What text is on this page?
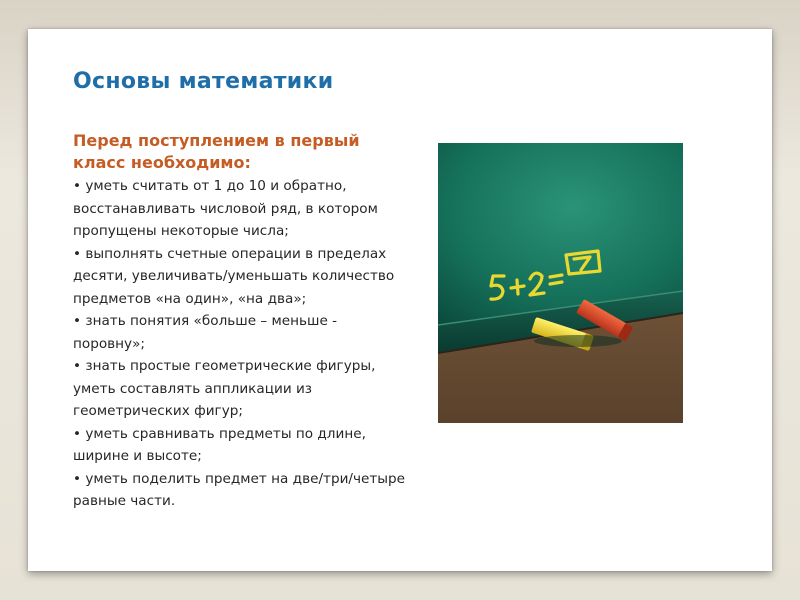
Основы математики

Перед поступлением в первый класс необходимо:

• уметь считать от 1 до 10 и обратно, восстанавливать числовой ряд, в котором пропущены некоторые числа;
• выполнять счетные операции в пределах десяти, увеличивать/уменьшать количество предметов «на один», «на два»;
• знать понятия «больше – меньше - поровну»;
• знать простые геометрические фигуры, уметь составлять аппликации из геометрических фигур;
• уметь сравнивать предметы по длине, ширине и высоте;
• уметь поделить предмет на две/три/четыре равные части.
